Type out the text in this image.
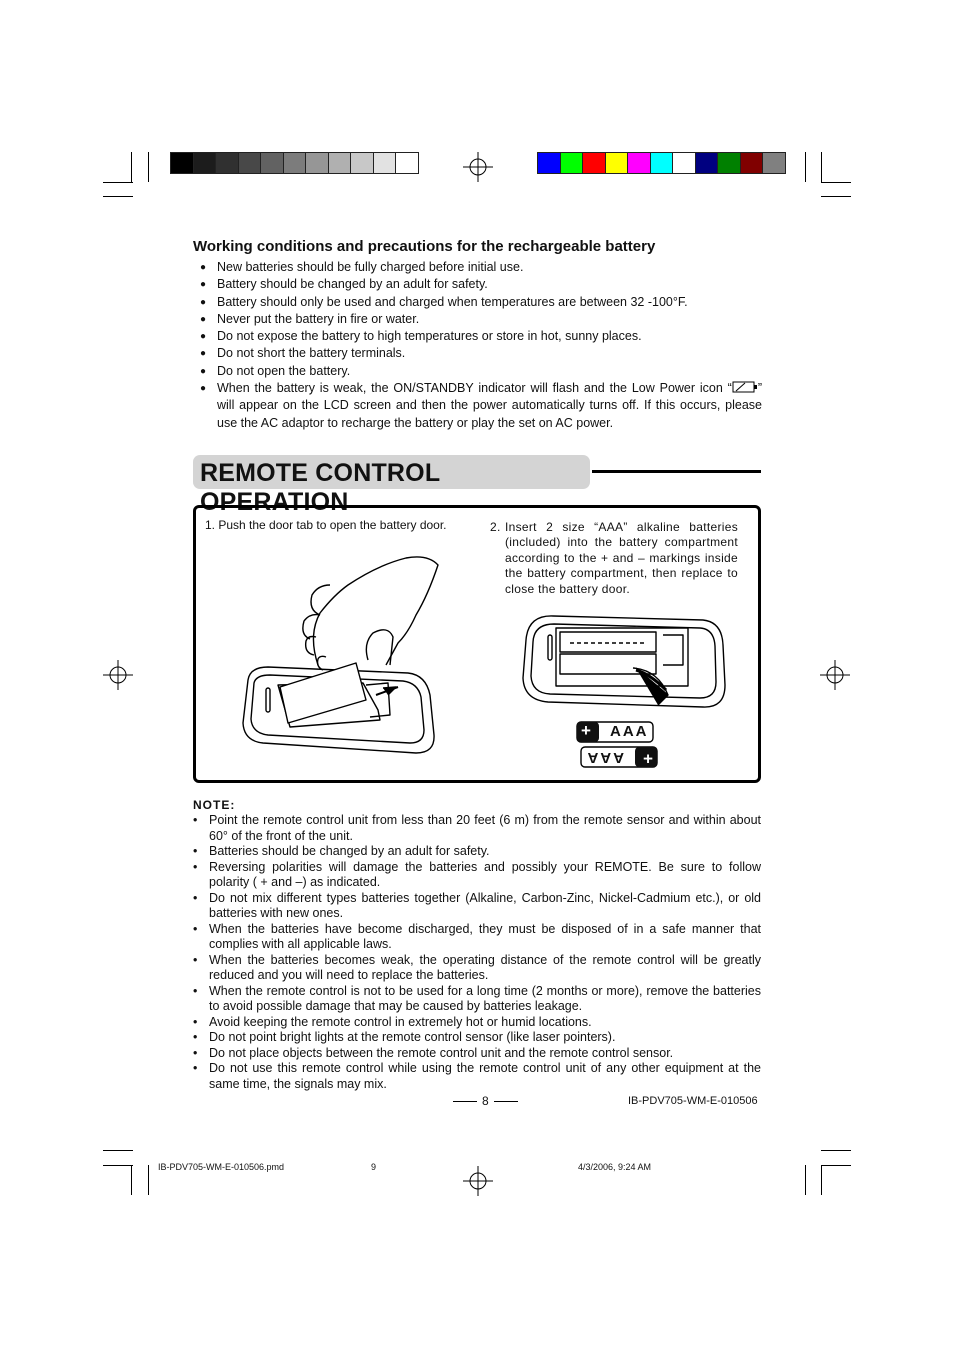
Working conditions and precautions for the rechargeable battery
● New batteries should be fully charged before initial use.
● Battery should be changed by an adult for safety.
● Battery should only be used and charged when temperatures are between 32 -100°F.
● Never put the battery in fire or water.
● Do not expose the battery to high temperatures or store in hot, sunny places.
● Do not short the battery terminals.
● Do not open the battery.
● When the battery is weak, the ON/STANDBY indicator will flash and the Low Power icon “ ” will appear on the LCD screen and then the power automatically turns off. If this occurs, please use the AC adaptor to recharge the battery or play the set on AC power.
REMOTE CONTROL OPERATION
1. Push the door tab to open the battery door.	2. Insert 2 size “AAA” alkaline batteries (included) into the battery compartment according to the + and – markings inside the battery compartment, then replace to close the battery door.
+ AAA
+
AAA
NOTE:
• Point the remote control unit from less than 20 feet (6 m) from the remote sensor and within about 60° of the front of the unit.
• Batteries should be changed by an adult for safety.
• Reversing polarities will damage the batteries and possibly your REMOTE. Be sure to follow polarity ( + and –) as indicated.
• Do not mix different types batteries together (Alkaline, Carbon-Zinc, Nickel-Cadmium etc.), or old batteries with new ones.
• When the batteries have become discharged, they must be disposed of in a safe manner that complies with all applicable laws.
• When the batteries becomes weak, the operating distance of the remote control will be greatly reduced and you will need to replace the batteries.
• When the remote control is not to be used for a long time (2 months or more), remove the batteries to avoid possible damage that may be caused by batteries leakage.
• Avoid keeping the remote control in extremely hot or humid locations.
• Do not point bright lights at the remote control sensor (like laser pointers).
• Do not place objects between the remote control unit and the remote control sensor.
• Do not use this remote control while using the remote control unit of any other equipment at the same time, the signals may mix.
8	IB-PDV705-WM-E-010506
IB-PDV705-WM-E-010506.pmd	9	4/3/2006, 9:24 AM
